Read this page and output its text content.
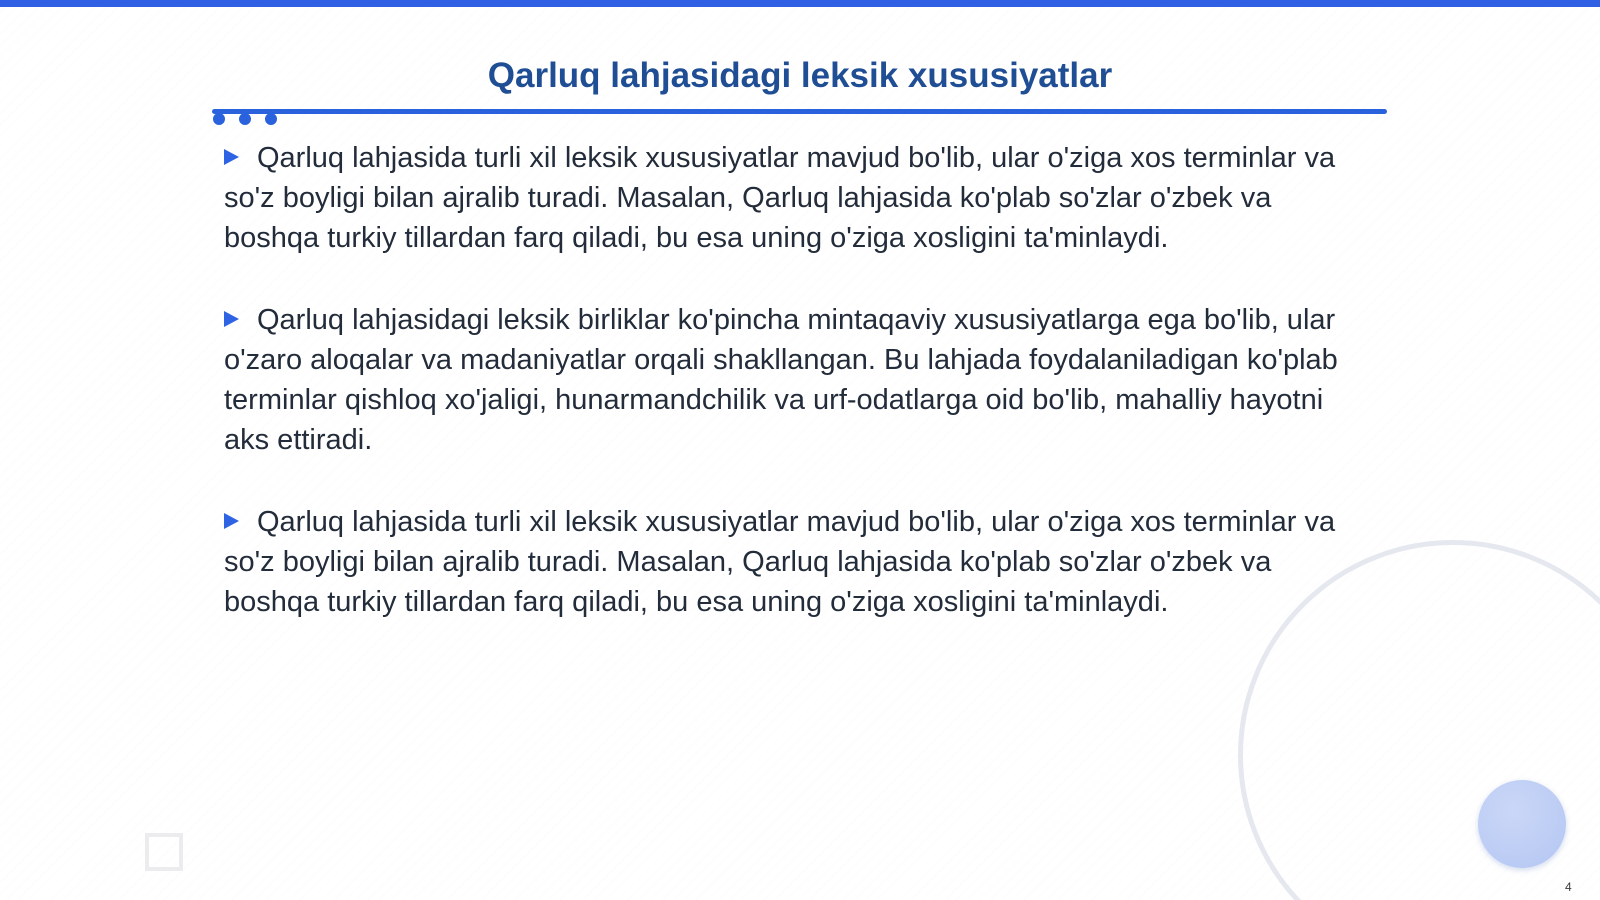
Qarluq lahjasidagi leksik xususiyatlar
Qarluq lahjasida turli xil leksik xususiyatlar mavjud bo'lib, ular o'ziga xos terminlar va so'z boyligi bilan ajralib turadi. Masalan, Qarluq lahjasida ko'plab so'zlar o'zbek va boshqa turkiy tillardan farq qiladi, bu esa uning o'ziga xosligini ta'minlaydi.
Qarluq lahjasidagi leksik birliklar ko'pincha mintaqaviy xususiyatlarga ega bo'lib, ular o'zaro aloqalar va madaniyatlar orqali shakllangan. Bu lahjada foydalaniladigan ko'plab terminlar qishloq xo'jaligi, hunarmandchilik va urf-odatlarga oid bo'lib, mahalliy hayotni aks ettiradi.
Qarluq lahjasida turli xil leksik xususiyatlar mavjud bo'lib, ular o'ziga xos terminlar va so'z boyligi bilan ajralib turadi. Masalan, Qarluq lahjasida ko'plab so'zlar o'zbek va boshqa turkiy tillardan farq qiladi, bu esa uning o'ziga xosligini ta'minlaydi.
4
